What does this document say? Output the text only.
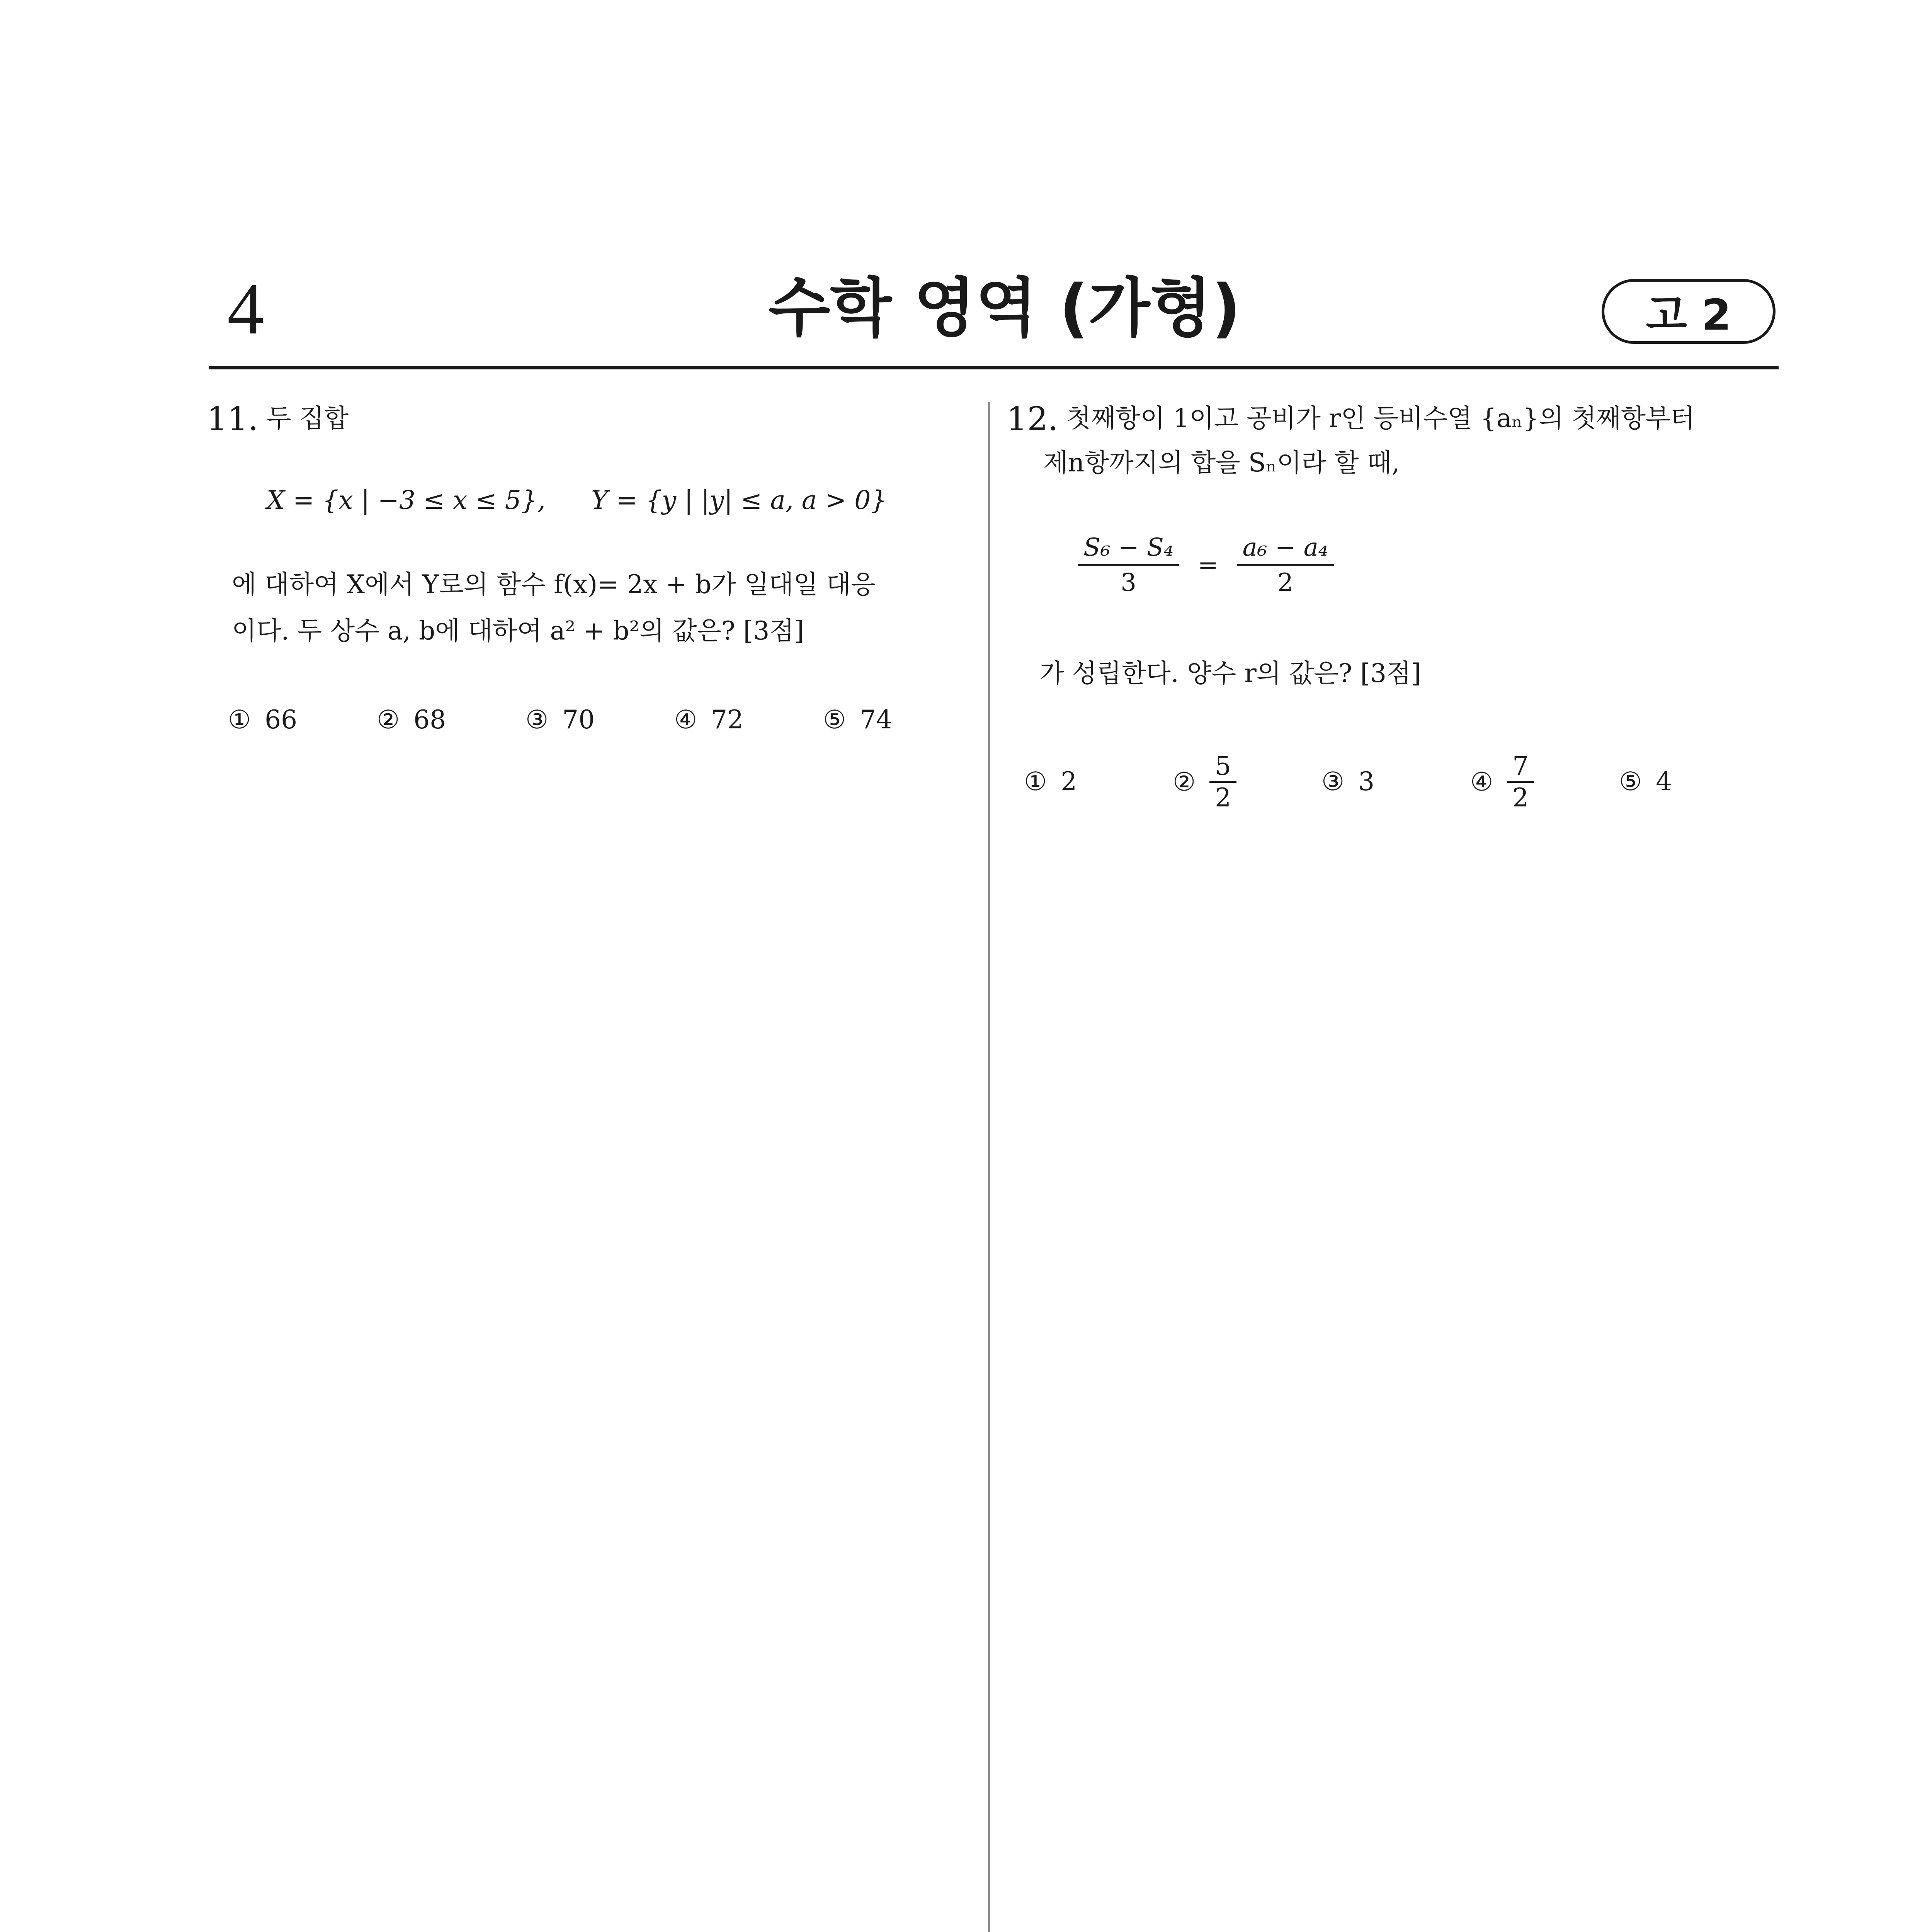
4	수학 영역 (가형)	고 2
11. 두 집합
X = {x | −3 ≤ x ≤ 5}, Y = {y | |y| ≤ a, a > 0}
에 대하여 X에서 Y로의 함수 f(x)= 2x + b가 일대일 대응
이다. 두 상수 a, b에 대하여 a² + b²의 값은? [3점]
① 66	② 68	③ 70	④ 72	⑤ 74
12. 첫째항이 1이고 공비가 r인 등비수열 {aₙ}의 첫째항부터
제n항까지의 합을 Sₙ이라 할 때,
$\frac{\text{S₆ − S₄}}{3} = \frac{\text{a₆ − a₄}}{2}$
가 성립한다. 양수 r의 값은? [3점]
① 2	② $\frac{5}{2}$	③ 3	④ $\frac{7}{2}$	⑤ 4
